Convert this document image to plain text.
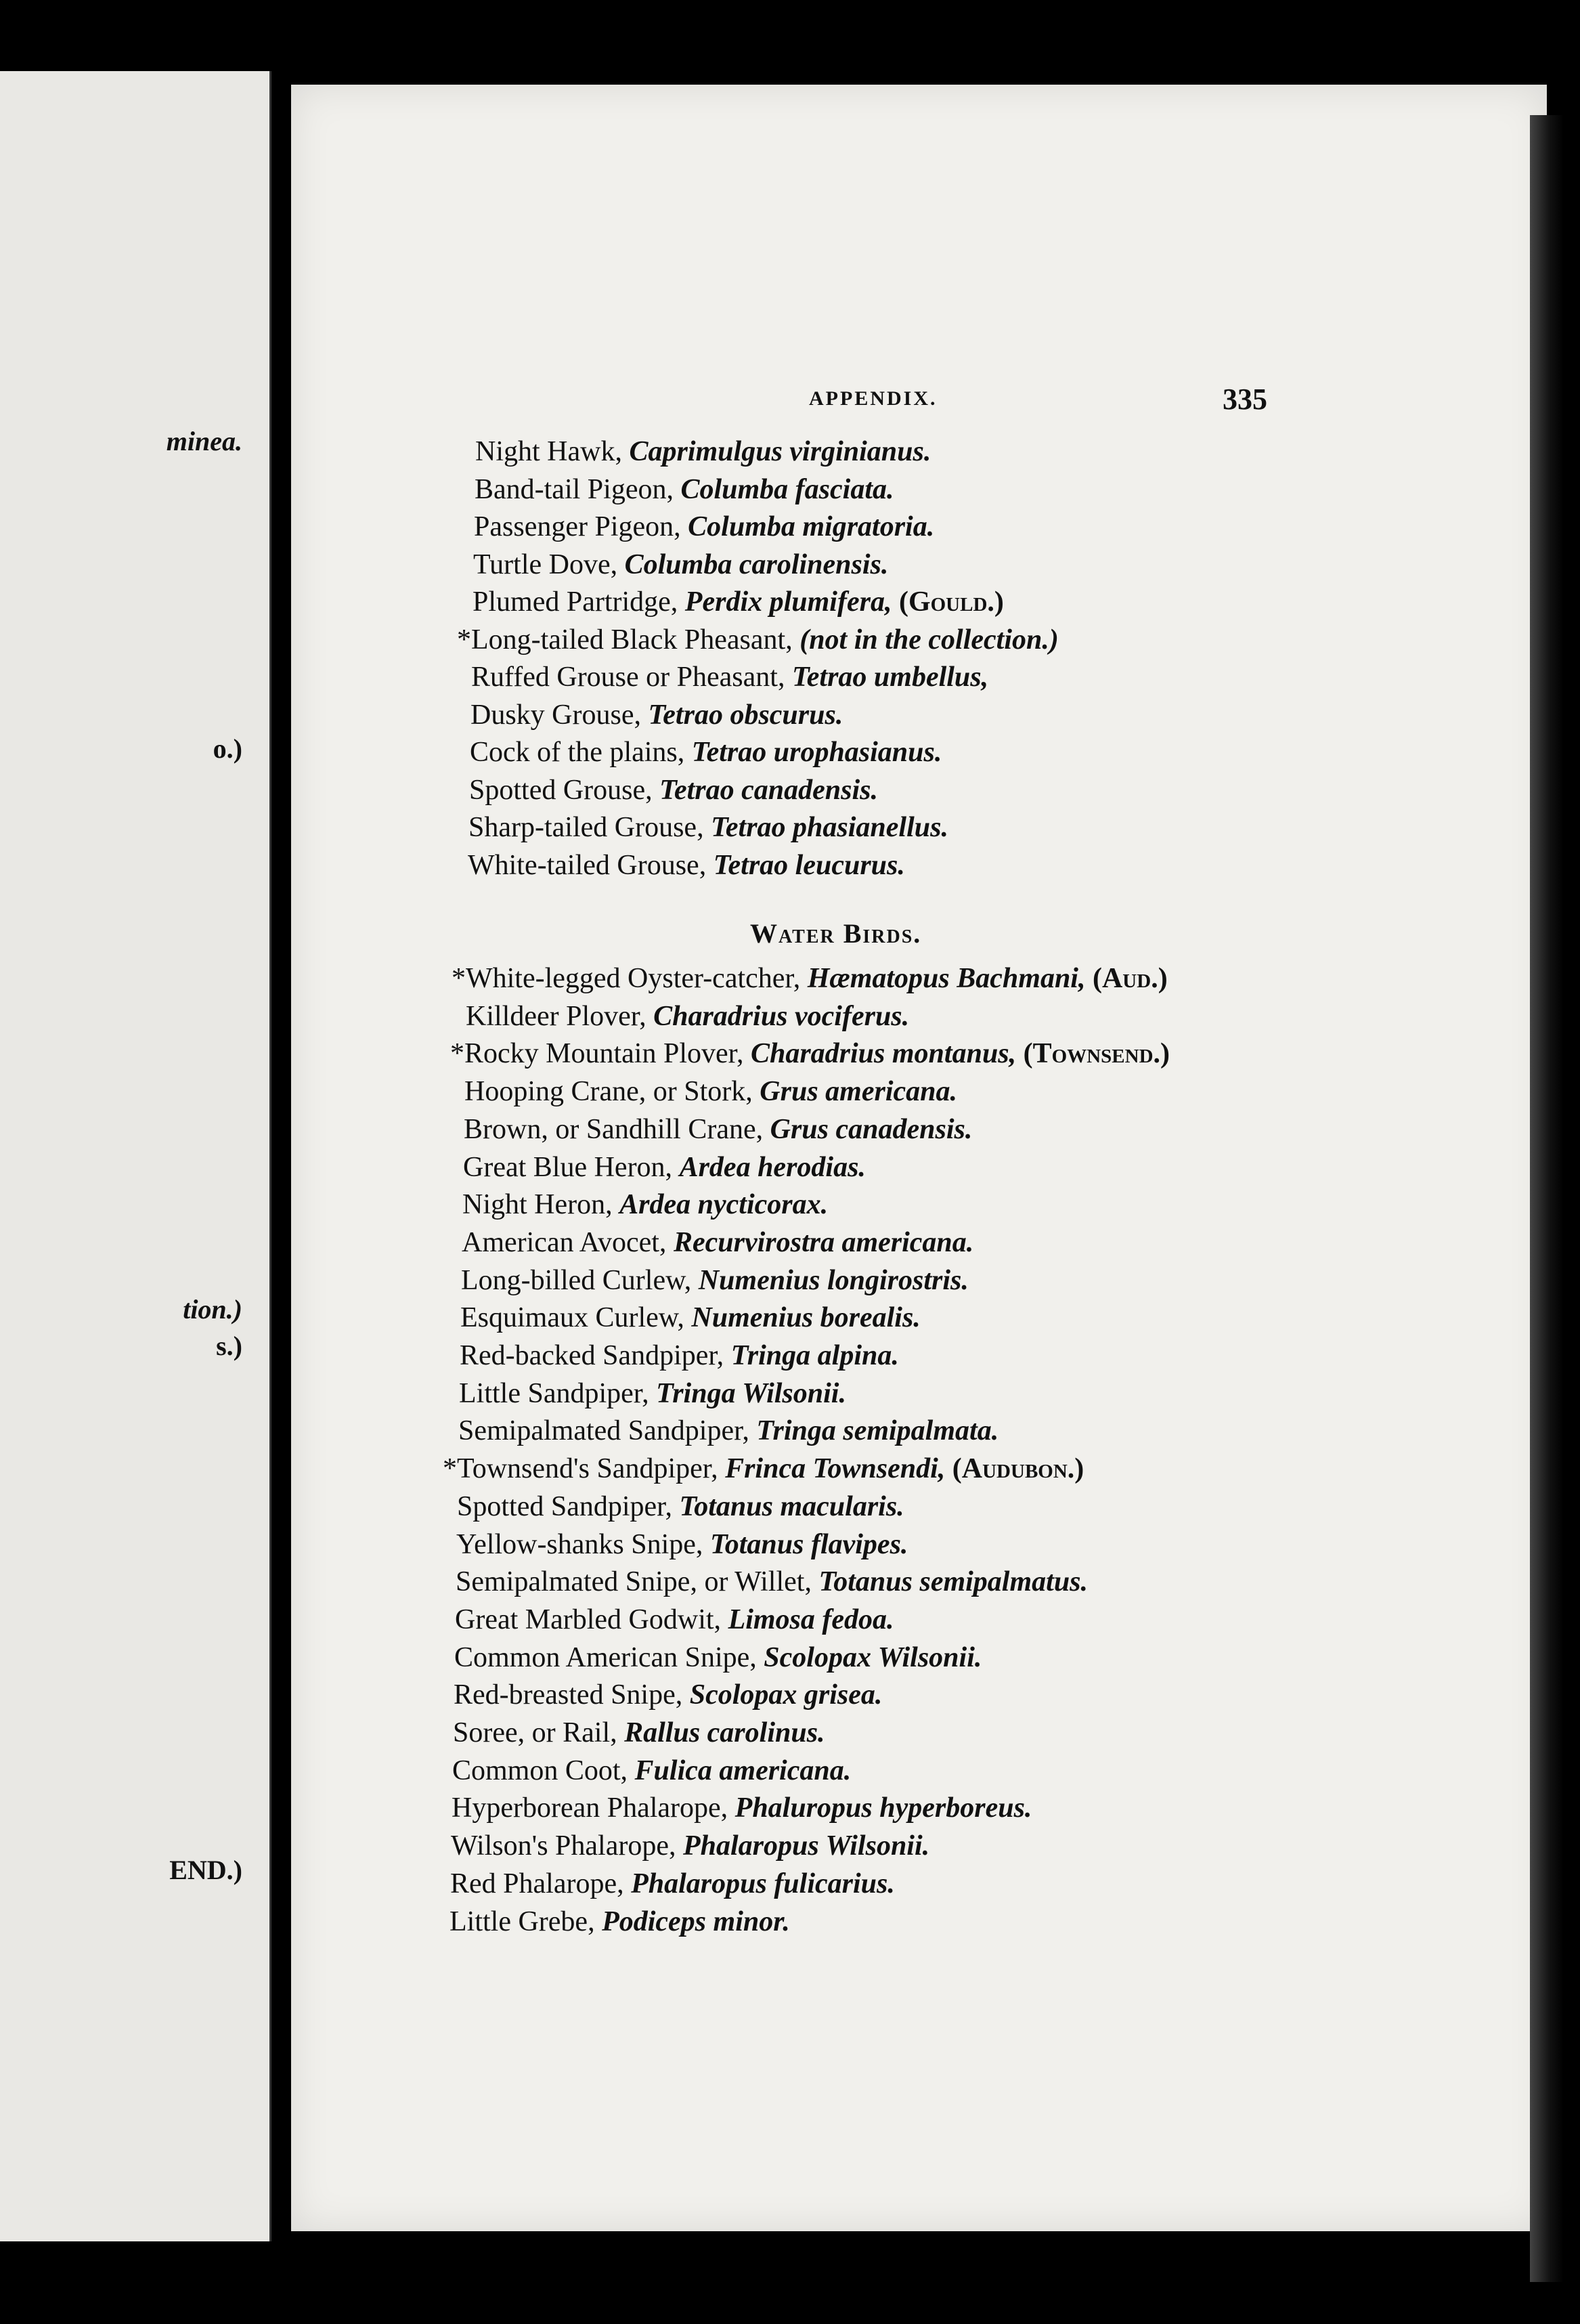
minea.
o.)
tion.)
s.)
END.)
APPENDIX.	335
Water Birds.
Night Hawk, Caprimulgus virginianus.
Band-tail Pigeon, Columba fasciata.
Passenger Pigeon, Columba migratoria.
Turtle Dove, Columba carolinensis.
Plumed Partridge, Perdix plumifera, (Gould.)
*Long-tailed Black Pheasant, (not in the collection.)
Ruffed Grouse or Pheasant, Tetrao umbellus,
Dusky Grouse, Tetrao obscurus.
Cock of the plains, Tetrao urophasianus.
Spotted Grouse, Tetrao canadensis.
Sharp-tailed Grouse, Tetrao phasianellus.
White-tailed Grouse, Tetrao leucurus.
*White-legged Oyster-catcher, Hæmatopus Bachmani, (Aud.)
Killdeer Plover, Charadrius vociferus.
*Rocky Mountain Plover, Charadrius montanus, (Townsend.)
Hooping Crane, or Stork, Grus americana.
Brown, or Sandhill Crane, Grus canadensis.
Great Blue Heron, Ardea herodias.
Night Heron, Ardea nycticorax.
American Avocet, Recurvirostra americana.
Long-billed Curlew, Numenius longirostris.
Esquimaux Curlew, Numenius borealis.
Red-backed Sandpiper, Tringa alpina.
Little Sandpiper, Tringa Wilsonii.
Semipalmated Sandpiper, Tringa semipalmata.
*Townsend's Sandpiper, Frinca Townsendi, (Audubon.)
Spotted Sandpiper, Totanus macularis.
Yellow-shanks Snipe, Totanus flavipes.
Semipalmated Snipe, or Willet, Totanus semipalmatus.
Great Marbled Godwit, Limosa fedoa.
Common American Snipe, Scolopax Wilsonii.
Red-breasted Snipe, Scolopax grisea.
Soree, or Rail, Rallus carolinus.
Common Coot, Fulica americana.
Hyperborean Phalarope, Phaluropus hyperboreus.
Wilson's Phalarope, Phalaropus Wilsonii.
Red Phalarope, Phalaropus fulicarius.
Little Grebe, Podiceps minor.
